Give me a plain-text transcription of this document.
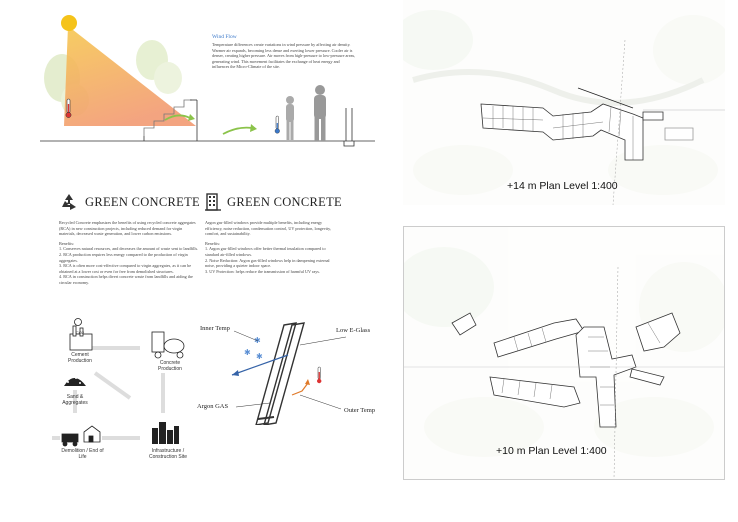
Wind Flow
Temperature differences create variations in wind pressure by affecting air density. Warmer air expands, becoming less dense and exerting lower pressure. Cooler air is denser, creating higher pressure. Air moves from high-pressure to low-pressure areas, generating wind. This movement facilitates the exchange of heat energy and influences the Micro-Climate of the site.
GREEN CONCRETE
Recycled Concrete emphasizes the benefits of using recycled concrete aggregates (RCA) in new construction projects, including reduced demand for virgin materials, decreased waste generation, and lower carbon emissions.
Benefits:
1. Conserves natural resources, and decreases the amount of waste sent to landfills.
2. RCA production requires less energy compared to the production of virgin aggregates.
3. RCA is often more cost-effective compared to virgin aggregates, as it can be obtained at a lower cost or even for free from demolished structures.
4. RCA in construction helps divert concrete waste from landfills and aiding the circular economy.
GREEN CONCRETE
Argon gas-filled windows provide multiple benefits, including energy efficiency, noise reduction, condensation control, UV protection, longevity, comfort, and sustainability.
Benefits:
1. Argon gas-filled windows offer better thermal insulation compared to standard air-filled windows.
2. Noise Reduction: Argon gas-filled windows help in dampening external noise, providing a quieter indoor space.
3. UV Protection: helps reduce the transmission of harmful UV rays.
CO2
Cement Production	Concrete Production
Sand & Aggregates
Demolition / End of Life
Infrastructure / Construction Site
✱
✱ ✱
Inner Temp	Low E-Glass
Argon GAS
Outer Temp
+14 m Plan Level 1:400
+10 m Plan Level 1:400
